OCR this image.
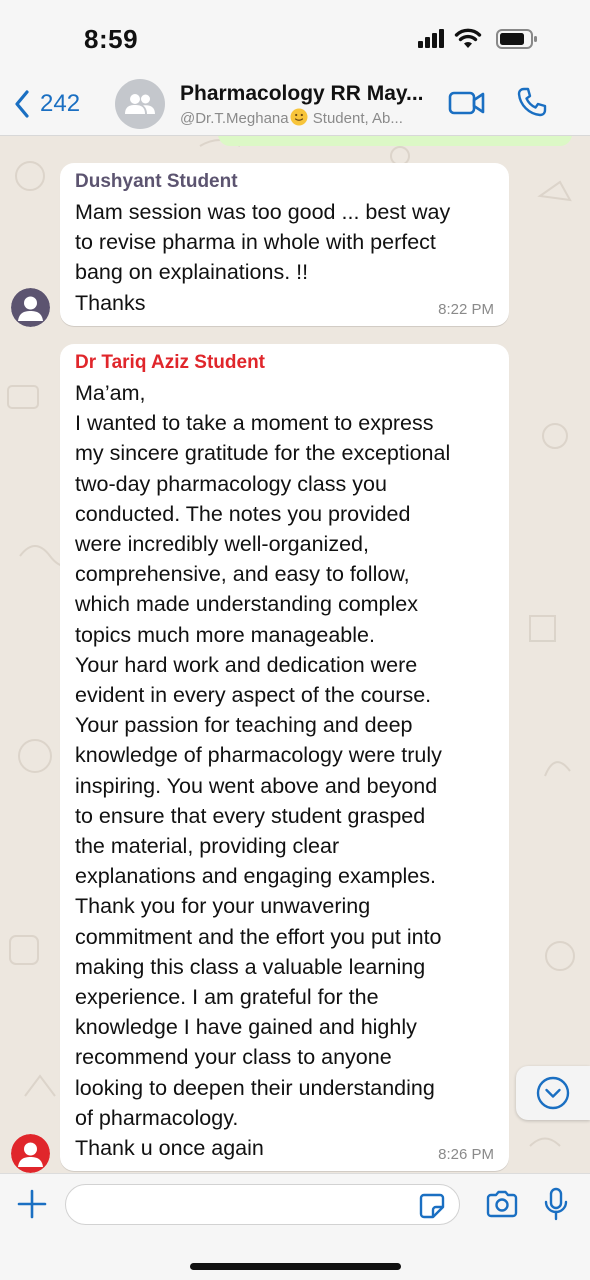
8:59
242	Pharmacology RR May...
@Dr.T.Meghana Student, Ab...
Dushyant Student
Mam session was too good ... best way
to revise pharma in whole with perfect
bang on explainations. !!
Thanks	8:22 PM
Dr Tariq Aziz Student
Ma’am,
I wanted to take a moment to express
my sincere gratitude for the exceptional
two-day pharmacology class you
conducted. The notes you provided
were incredibly well-organized,
comprehensive, and easy to follow,
which made understanding complex
topics much more manageable.
Your hard work and dedication were
evident in every aspect of the course.
Your passion for teaching and deep
knowledge of pharmacology were truly
inspiring. You went above and beyond
to ensure that every student grasped
the material, providing clear
explanations and engaging examples.
Thank you for your unwavering
commitment and the effort you put into
making this class a valuable learning
experience. I am grateful for the
knowledge I have gained and highly
recommend your class to anyone
looking to deepen their understanding
of pharmacology.
Thank u once again	8:26 PM
